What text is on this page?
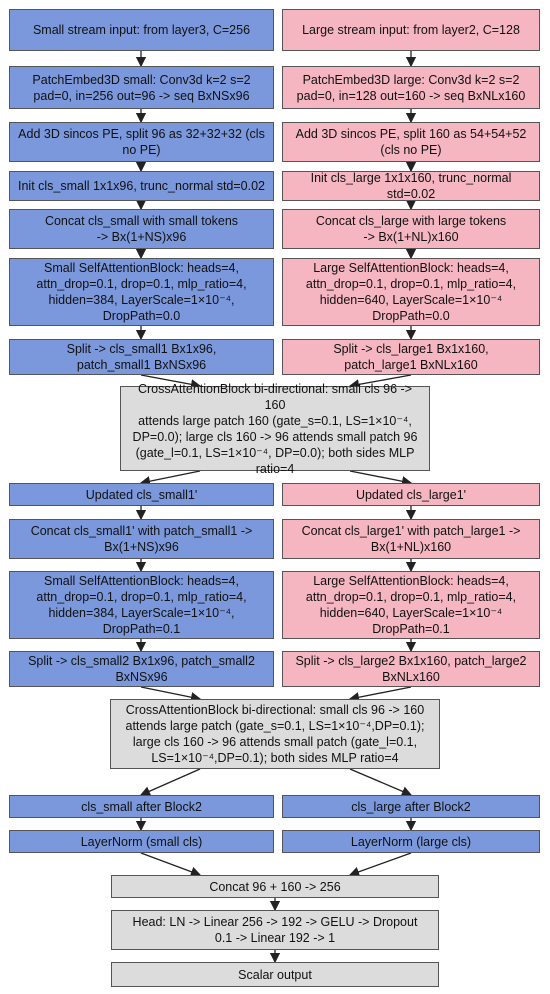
Small stream input: from layer3, C=256	Large stream input: from layer2, C=128
PatchEmbed3D small: Conv3d k=2 s=2
pad=0, in=256 out=96 -> seq BxNSx96
PatchEmbed3D large: Conv3d k=2 s=2
pad=0, in=128 out=160 -> seq BxNLx160
Add 3D sincos PE, split 96 as 32+32+32 (cls
no PE)
Add 3D sincos PE, split 160 as 54+54+52
(cls no PE)
Init cls_small 1x1x96, trunc_normal std=0.02
Init cls_large 1x1x160, trunc_normal
std=0.02
Concat cls_small with small tokens
-> Bx(1+NS)x96
Concat cls_large with large tokens
-> Bx(1+NL)x160
Small SelfAttentionBlock: heads=4,
attn_drop=0.1, drop=0.1, mlp_ratio=4,
hidden=384, LayerScale=1×10⁻⁴,
DropPath=0.0
Large SelfAttentionBlock: heads=4,
attn_drop=0.1, drop=0.1, mlp_ratio=4,
hidden=640, LayerScale=1×10⁻⁴
DropPath=0.0
Split -> cls_small1 Bx1x96,
patch_small1 BxNSx96
Split -> cls_large1 Bx1x160,
patch_large1 BxNLx160
CrossAttentionBlock bi-directional: small cls 96 -> 160
attends large patch 160 (gate_s=0.1, LS=1×10⁻⁴,
DP=0.0); large cls 160 -> 96 attends small patch 96
(gate_l=0.1, LS=1×10⁻⁴, DP=0.0); both sides MLP
ratio=4
Updated cls_small1'	Updated cls_large1'
Concat cls_small1' with patch_small1 ->
Bx(1+NS)x96
Concat cls_large1' with patch_large1 ->
Bx(1+NL)x160
Small SelfAttentionBlock: heads=4,
attn_drop=0.1, drop=0.1, mlp_ratio=4,
hidden=384, LayerScale=1×10⁻⁴,
DropPath=0.1
Large SelfAttentionBlock: heads=4,
attn_drop=0.1, drop=0.1, mlp_ratio=4,
hidden=640, LayerScale=1×10⁻⁴
DropPath=0.1
Split -> cls_small2 Bx1x96, patch_small2
BxNSx96
Split -> cls_large2 Bx1x160, patch_large2
BxNLx160
CrossAttentionBlock bi-directional: small cls 96 -> 160
attends large patch (gate_s=0.1, LS=1×10⁻⁴,DP=0.1);
large cls 160 -> 96 attends small patch (gate_l=0.1,
LS=1×10⁻⁴,DP=0.1); both sides MLP ratio=4
cls_small after Block2	cls_large after Block2
LayerNorm (small cls)	LayerNorm (large cls)
Concat 96 + 160 -> 256
Head: LN -> Linear 256 -> 192 -> GELU -> Dropout
0.1 -> Linear 192 -> 1
Scalar output
